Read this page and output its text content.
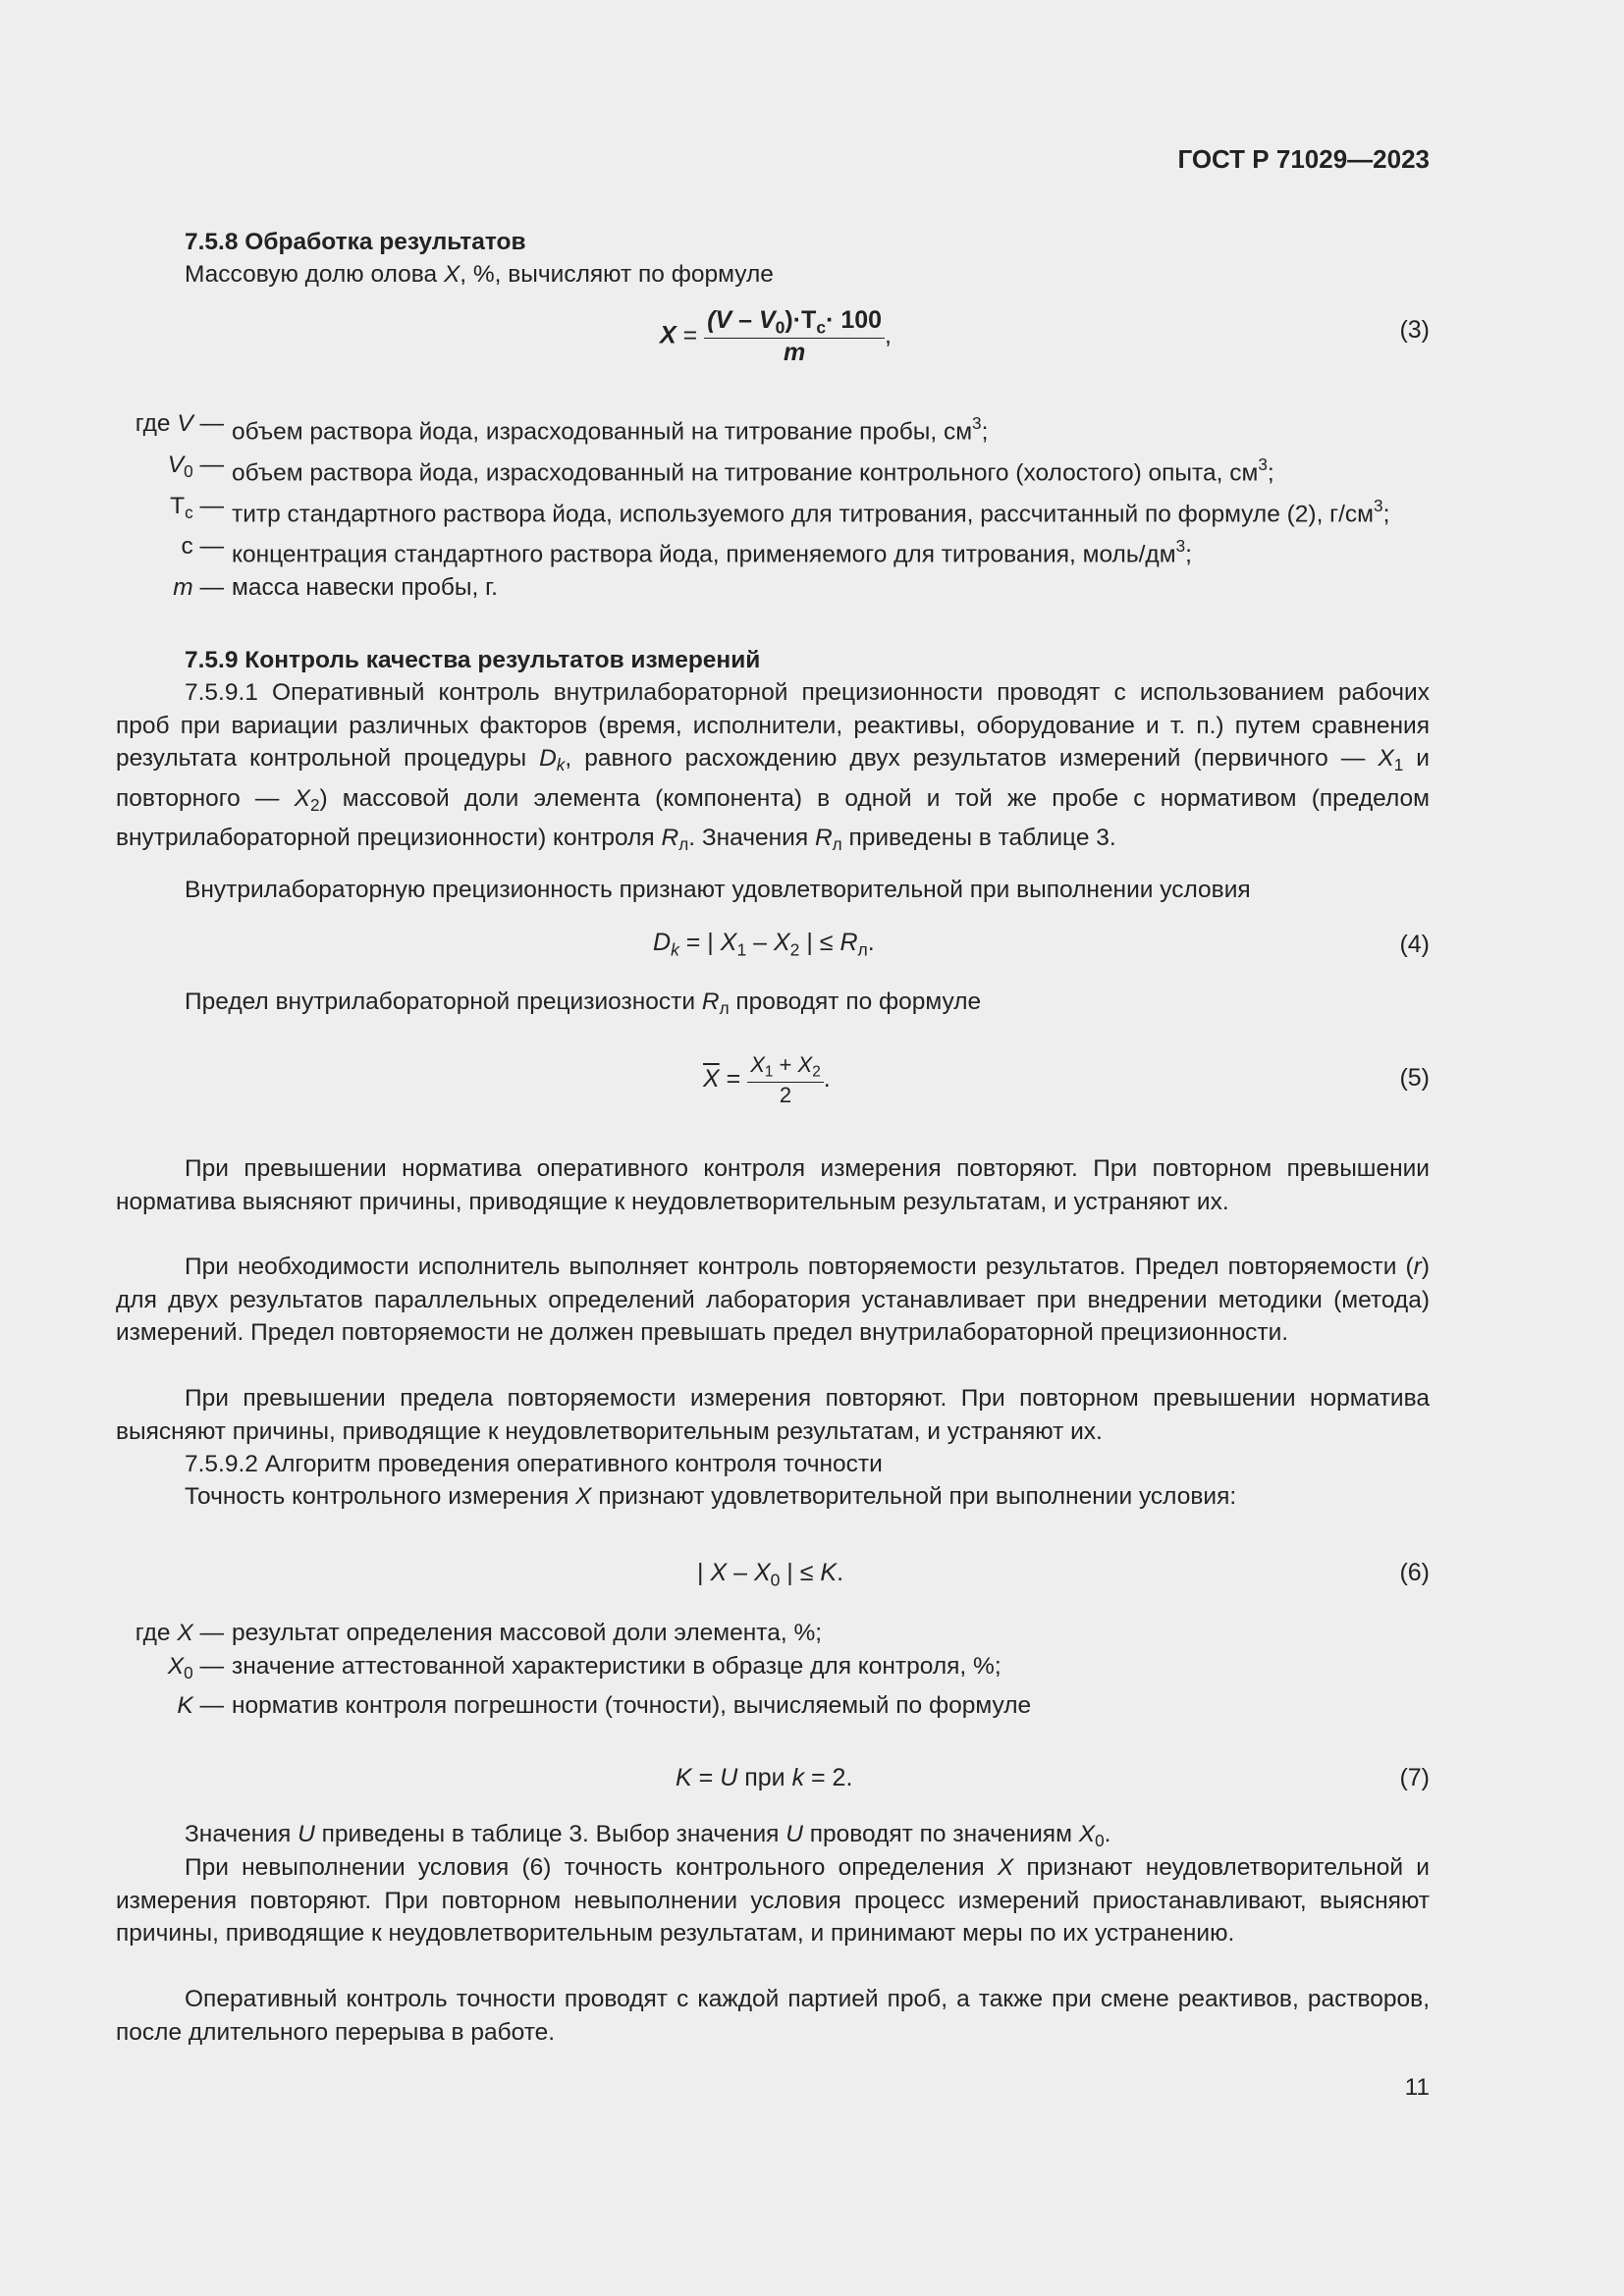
ГОСТ Р 71029—2023
7.5.8 Обработка результатов
Массовую долю олова X, %, вычисляют по формуле
$X = \frac{(V - V_0)\cdot Т_с\cdot 100}{m}$ ,	(3)
где V —	объем раствора йода, израсходованный на титрование пробы, $см^3$;
$V_0$ —	объем раствора йода, израсходованный на титрование контрольного (холостого) опыта, $см^3$;
$Т_с$ —	титр стандартного раствора йода, используемого для титрования, рассчитанный по формуле (2), $г/см^3$;
с —	концентрация стандартного раствора йода, применяемого для титрования, моль/$дм^3$;
m —	масса навески пробы, г.
7.5.9 Контроль качества результатов измерений
7.5.9.1 Оперативный контроль внутрилабораторной прецизионности проводят с использованием рабочих проб при вариации различных факторов (время, исполнители, реактивы, оборудование и т. п.) путем сравнения результата контрольной процедуры $D_k$, равного расхождению двух результатов измерений (первичного — $X_1$ и повторного — $X_2$) массовой доли элемента (компонента) в одной и той же пробе с нормативом (пределом внутрилабораторной прецизионности) контроля $R_л$. Значения $R_л$ приведены в таблице 3.
Внутрилабораторную прецизионность признают удовлетворительной при выполнении условия
$D_k$ = | $X_1 - X_2$ | ≤ $R_л$.	(4)
Предел внутрилабораторной прецизиозности $R_л$ проводят по формуле
$\overline{X} = \frac{X_1 + X_2}{2}$ .	(5)
При превышении норматива оперативного контроля измерения повторяют. При повторном превышении норматива выясняют причины, приводящие к неудовлетворительным результатам, и устраняют их.
При необходимости исполнитель выполняет контроль повторяемости результатов. Предел повторяемости (r) для двух результатов параллельных определений лаборатория устанавливает при внедрении методики (метода) измерений. Предел повторяемости не должен превышать предел внутрилабораторной прецизионности.
При превышении предела повторяемости измерения повторяют. При повторном превышении норматива выясняют причины, приводящие к неудовлетворительным результатам, и устраняют их.
7.5.9.2 Алгоритм проведения оперативного контроля точности
Точность контрольного измерения X признают удовлетворительной при выполнении условия:
| X – $X_0$ | ≤ K.	(6)
где X —	результат определения массовой доли элемента, %;
$X_0$ —	значение аттестованной характеристики в образце для контроля, %;
K —	норматив контроля погрешности (точности), вычисляемый по формуле
K = U при k = 2.	(7)
Значения U приведены в таблице 3. Выбор значения U проводят по значениям $X_0$.
При невыполнении условия (6) точность контрольного определения X признают неудовлетворительной и измерения повторяют. При повторном невыполнении условия процесс измерений приостанавливают, выясняют причины, приводящие к неудовлетворительным результатам, и принимают меры по их устранению.
Оперативный контроль точности проводят с каждой партией проб, а также при смене реактивов, растворов, после длительного перерыва в работе.
11
